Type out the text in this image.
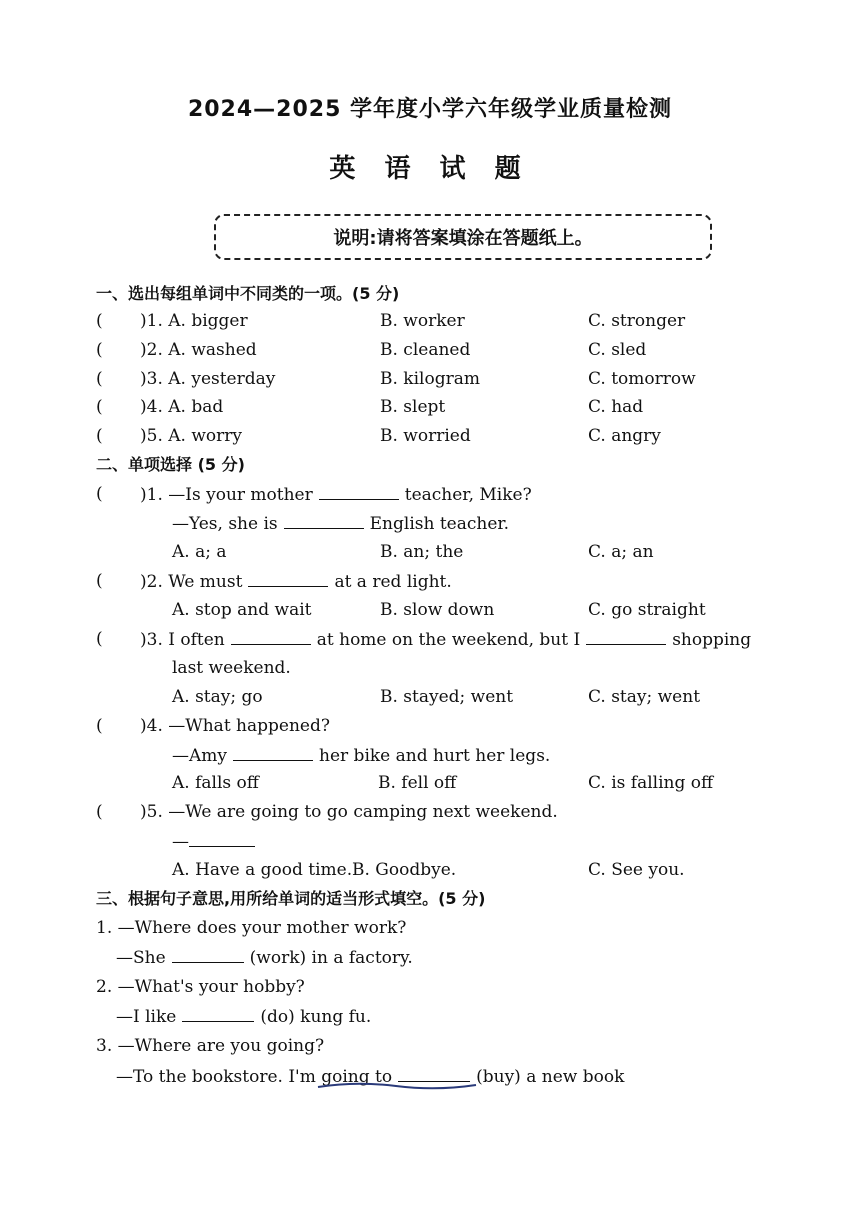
2024—2025 学年度小学六年级学业质量检测
英 语 试 题
说明:请将答案填涂在答题纸上。
一、选出每组单词中不同类的一项。(5 分)
( )1. A. bigger	B. worker	C. stronger
( )2. A. washed	B. cleaned	C. sled
( )3. A. yesterday	B. kilogram	C. tomorrow
( )4. A. bad	B. slept	C. had
( )5. A. worry	B. worried	C. angry
二、单项选择 (5 分)
( )1. —Is your mother	teacher, Mike?
—Yes, she is	English teacher.
A. a; a	B. an; the	C. a; an
( )2. We must	at a red light.
A. stop and wait	B. slow down	C. go straight
( )3. I often	at home on the weekend, but I	shopping
last weekend.
A. stay; go	B. stayed; went	C. stay; went
( )4. —What happened?
—Amy	her bike and hurt her legs.
A. falls off	B. fell off	C. is falling off
( )5. —We are going to go camping next weekend.
—
A. Have a good time. B. Goodbye.	C. See you.
三、根据句子意思,用所给单词的适当形式填空。(5 分)
1. —Where does your mother work?
—She	(work) in a factory.
2. —What's your hobby?
—I like	(do) kung fu.
3. —Where are you going?
—To the bookstore. I'm going to	(buy) a new book
